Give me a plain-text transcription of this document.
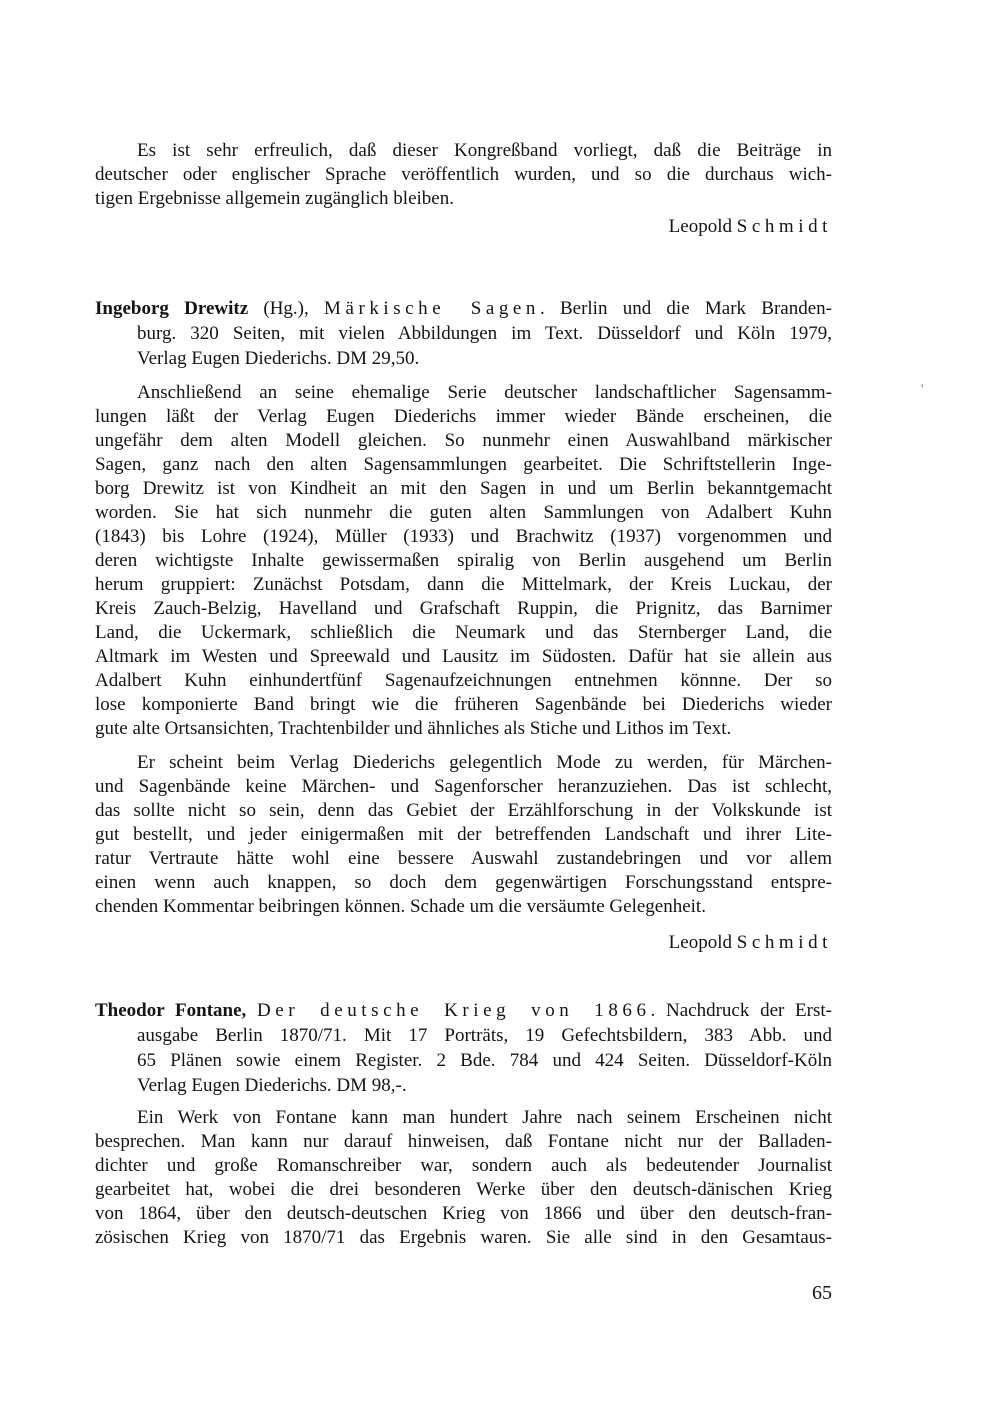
Es ist sehr erfreulich, daß dieser Kongreßband vorliegt, daß die Beiträge in
deutscher oder englischer Sprache veröffentlich wurden, und so die durchaus wich-
tigen Ergebnisse allgemein zugänglich bleiben.
Leopold Schmidt
Ingeborg Drewitz (Hg.), Märkische Sagen. Berlin und die Mark Branden-
burg. 320 Seiten, mit vielen Abbildungen im Text. Düsseldorf und Köln 1979,
Verlag Eugen Diederichs. DM 29,50.
Anschließend an seine ehemalige Serie deutscher landschaftlicher Sagensamm-
lungen läßt der Verlag Eugen Diederichs immer wieder Bände erscheinen, die
ungefähr dem alten Modell gleichen. So nunmehr einen Auswahlband märkischer
Sagen, ganz nach den alten Sagensammlungen gearbeitet. Die Schriftstellerin Inge-
borg Drewitz ist von Kindheit an mit den Sagen in und um Berlin bekanntgemacht
worden. Sie hat sich nunmehr die guten alten Sammlungen von Adalbert Kuhn
(1843) bis Lohre (1924), Müller (1933) und Brachwitz (1937) vorgenommen und
deren wichtigste Inhalte gewissermaßen spiralig von Berlin ausgehend um Berlin
herum gruppiert: Zunächst Potsdam, dann die Mittelmark, der Kreis Luckau, der
Kreis Zauch-Belzig, Havelland und Grafschaft Ruppin, die Prignitz, das Barnimer
Land, die Uckermark, schließlich die Neumark und das Sternberger Land, die
Altmark im Westen und Spreewald und Lausitz im Südosten. Dafür hat sie allein aus
Adalbert Kuhn einhundertfünf Sagenaufzeichnungen entnehmen könnne. Der so
lose komponierte Band bringt wie die früheren Sagenbände bei Diederichs wieder
gute alte Ortsansichten, Trachtenbilder und ähnliches als Stiche und Lithos im Text.
'
Er scheint beim Verlag Diederichs gelegentlich Mode zu werden, für Märchen-
und Sagenbände keine Märchen- und Sagenforscher heranzuziehen. Das ist schlecht,
das sollte nicht so sein, denn das Gebiet der Erzählforschung in der Volkskunde ist
gut bestellt, und jeder einigermaßen mit der betreffenden Landschaft und ihrer Lite-
ratur Vertraute hätte wohl eine bessere Auswahl zustandebringen und vor allem
einen wenn auch knappen, so doch dem gegenwärtigen Forschungsstand entspre-
chenden Kommentar beibringen können. Schade um die versäumte Gelegenheit.
Leopold Schmidt
Theodor Fontane, Der deutsche Krieg von 1866. Nachdruck der Erst-
ausgabe Berlin 1870/71. Mit 17 Porträts, 19 Gefechtsbildern, 383 Abb. und
65 Plänen sowie einem Register. 2 Bde. 784 und 424 Seiten. Düsseldorf-Köln
Verlag Eugen Diederichs. DM 98,-.
Ein Werk von Fontane kann man hundert Jahre nach seinem Erscheinen nicht
besprechen. Man kann nur darauf hinweisen, daß Fontane nicht nur der Balladen-
dichter und große Romanschreiber war, sondern auch als bedeutender Journalist
gearbeitet hat, wobei die drei besonderen Werke über den deutsch-dänischen Krieg
von 1864, über den deutsch-deutschen Krieg von 1866 und über den deutsch-fran-
zösischen Krieg von 1870/71 das Ergebnis waren. Sie alle sind in den Gesamtaus-
65
